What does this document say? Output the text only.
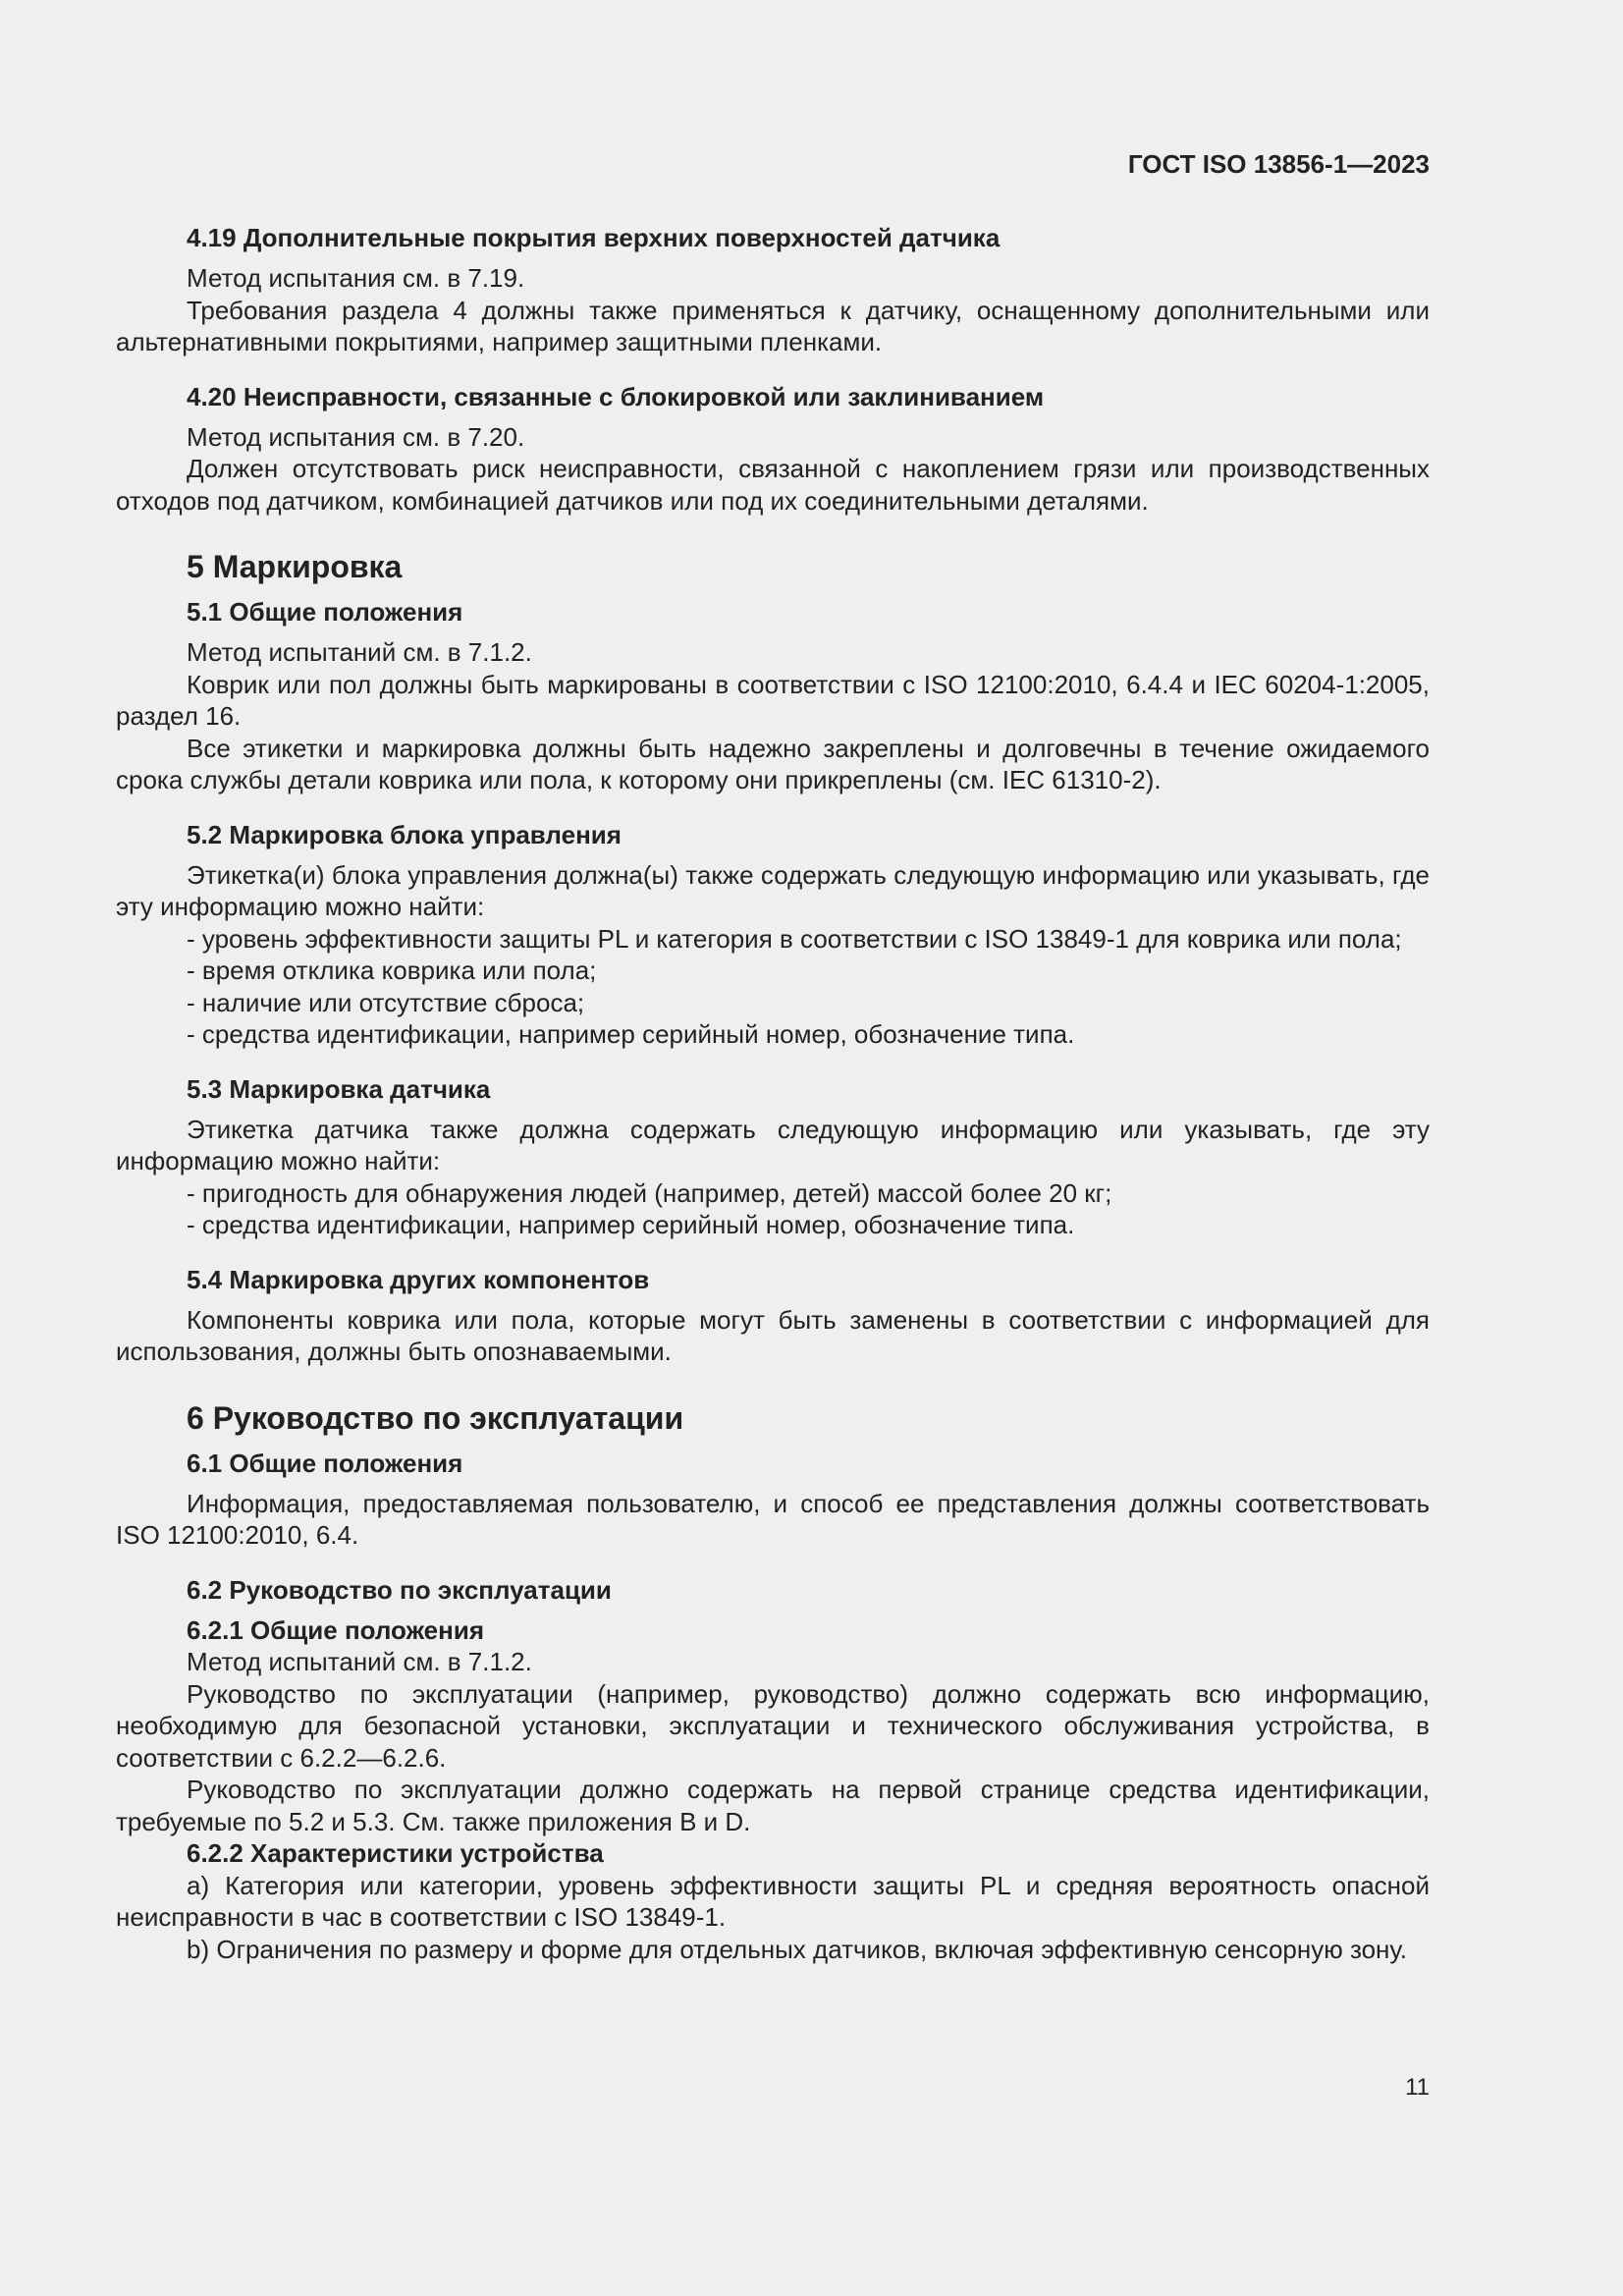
ГОСТ ISO 13856-1—2023
4.19 Дополнительные покрытия верхних поверхностей датчика

Метод испытания см. в 7.19.

Требования раздела 4 должны также применяться к датчику, оснащенному дополнительными или альтернативными покрытиями, например защитными пленками.

4.20 Неисправности, связанные с блокировкой или заклиниванием

Метод испытания см. в 7.20.

Должен отсутствовать риск неисправности, связанной с накоплением грязи или производственных отходов под датчиком, комбинацией датчиков или под их соединительными деталями.

5 Маркировка
5.1 Общие положения

Метод испытаний см. в 7.1.2.

Коврик или пол должны быть маркированы в соответствии с ISO 12100:2010, 6.4.4 и IEC 60204-1:2005, раздел 16.

Все этикетки и маркировка должны быть надежно закреплены и долговечны в течение ожидаемого срока службы детали коврика или пола, к которому они прикреплены (см. IEC 61310-2).

5.2 Маркировка блока управления

Этикетка(и) блока управления должна(ы) также содержать следующую информацию или указывать, где эту информацию можно найти:

- уровень эффективности защиты PL и категория в соответствии с ISO 13849-1 для коврика или пола;

- время отклика коврика или пола;

- наличие или отсутствие сброса;

- средства идентификации, например серийный номер, обозначение типа.

5.3 Маркировка датчика

Этикетка датчика также должна содержать следующую информацию или указывать, где эту информацию можно найти:

- пригодность для обнаружения людей (например, детей) массой более 20 кг;

- средства идентификации, например серийный номер, обозначение типа.

5.4 Маркировка других компонентов

Компоненты коврика или пола, которые могут быть заменены в соответствии с информацией для использования, должны быть опознаваемыми.

6 Руководство по эксплуатации
6.1 Общие положения

Информация, предоставляемая пользователю, и способ ее представления должны соответствовать ISO 12100:2010, 6.4.

6.2 Руководство по эксплуатации
6.2.1 Общие положения

Метод испытаний см. в 7.1.2.

Руководство по эксплуатации (например, руководство) должно содержать всю информацию, необходимую для безопасной установки, эксплуатации и технического обслуживания устройства, в соответствии с 6.2.2—6.2.6.

Руководство по эксплуатации должно содержать на первой странице средства идентификации, требуемые по 5.2 и 5.3. См. также приложения B и D.

6.2.2 Характеристики устройства

a) Категория или категории, уровень эффективности защиты PL и средняя вероятность опасной неисправности в час в соответствии с ISO 13849-1.

b) Ограничения по размеру и форме для отдельных датчиков, включая эффективную сенсорную зону.

11
